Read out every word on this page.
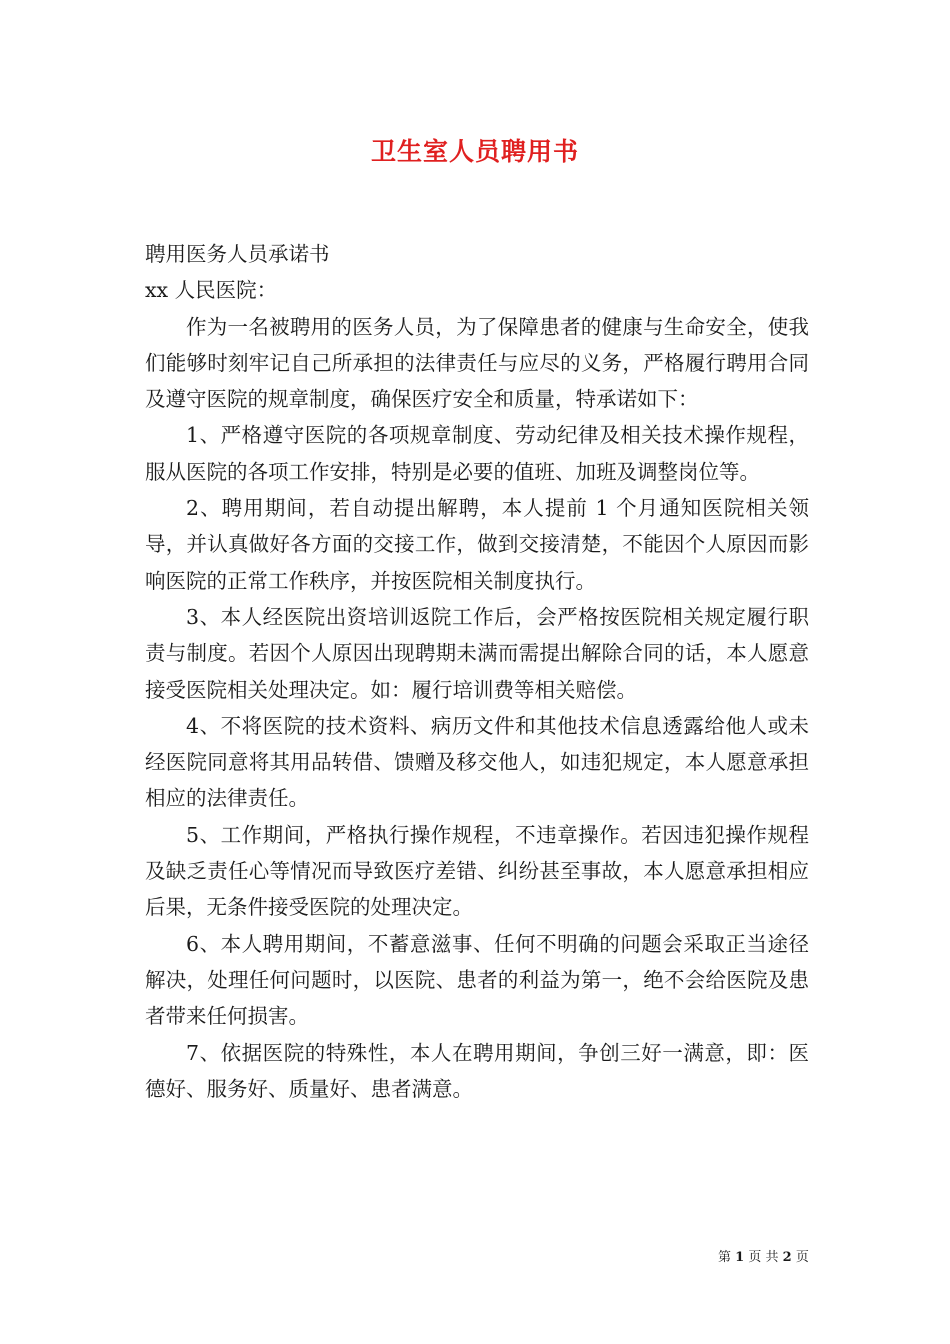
卫生室人员聘用书

聘用医务人员承诺书

xx 人民医院：

作为一名被聘用的医务人员，为了保障患者的健康与生命安全，使我们能够时刻牢记自己所承担的法律责任与应尽的义务，严格履行聘用合同及遵守医院的规章制度，确保医疗安全和质量，特承诺如下：

1、严格遵守医院的各项规章制度、劳动纪律及相关技术操作规程，服从医院的各项工作安排，特别是必要的值班、加班及调整岗位等。

2、聘用期间，若自动提出解聘，本人提前 1 个月通知医院相关领导，并认真做好各方面的交接工作，做到交接清楚，不能因个人原因而影响医院的正常工作秩序，并按医院相关制度执行。

3、本人经医院出资培训返院工作后，会严格按医院相关规定履行职责与制度。若因个人原因出现聘期未满而需提出解除合同的话，本人愿意接受医院相关处理决定。如：履行培训费等相关赔偿。

4、不将医院的技术资料、病历文件和其他技术信息透露给他人或未经医院同意将其用品转借、馈赠及移交他人，如违犯规定，本人愿意承担相应的法律责任。

5、工作期间，严格执行操作规程，不违章操作。若因违犯操作规程及缺乏责任心等情况而导致医疗差错、纠纷甚至事故，本人愿意承担相应后果，无条件接受医院的处理决定。

6、本人聘用期间，不蓄意滋事、任何不明确的问题会采取正当途径解决，处理任何问题时，以医院、患者的利益为第一，绝不会给医院及患者带来任何损害。

7、依据医院的特殊性，本人在聘用期间，争创三好一满意，即：医德好、服务好、质量好、患者满意。

第 1 页 共 2 页
